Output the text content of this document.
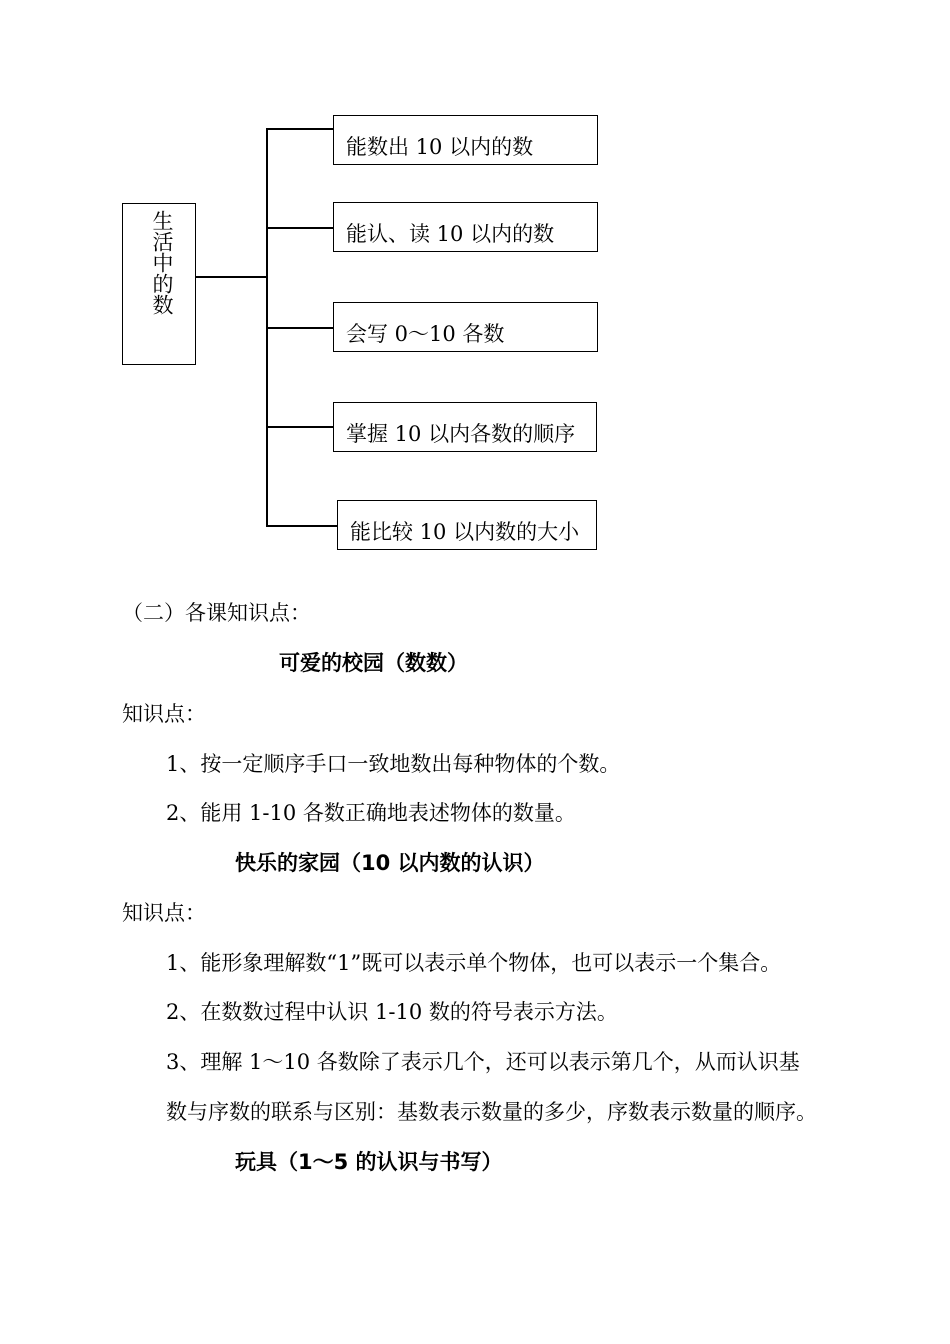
生活中的数
能数出 10 以内的数
能认、读 10 以内的数
会写 0～10 各数
掌握 10 以内各数的顺序
能比较 10 以内数的大小
（二）各课知识点：
可爱的校园（数数）
知识点：
1、按一定顺序手口一致地数出每种物体的个数。
2、能用 1-10 各数正确地表述物体的数量。
快乐的家园（10 以内数的认识）
知识点：
1、能形象理解数“1”既可以表示单个物体，也可以表示一个集合。
2、在数数过程中认识 1-10 数的符号表示方法。
3、理解 1～10 各数除了表示几个，还可以表示第几个，从而认识基
数与序数的联系与区别：基数表示数量的多少，序数表示数量的顺序。
玩具（1～5 的认识与书写）
